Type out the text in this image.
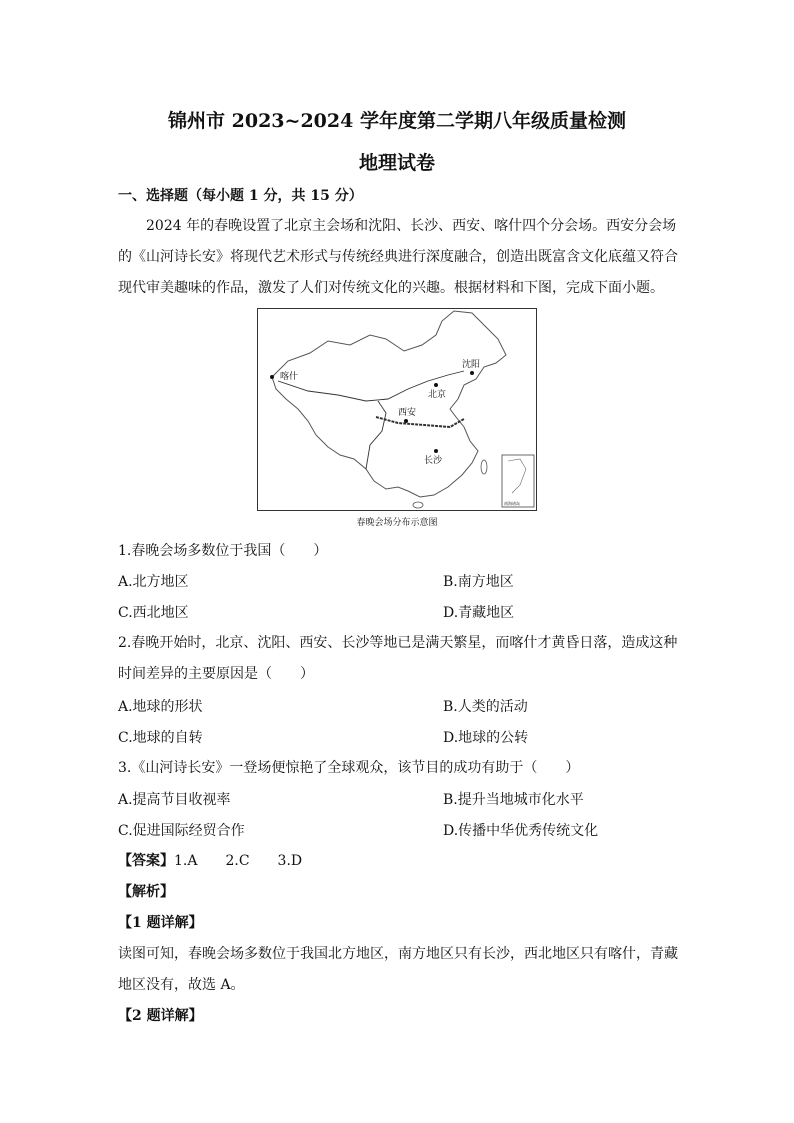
锦州市 2023~2024 学年度第二学期八年级质量检测
地理试卷
一、选择题（每小题 1 分，共 15 分）
2024 年的春晚设置了北京主会场和沈阳、长沙、西安、喀什四个分会场。西安分会场
的《山河诗长安》将现代艺术形式与传统经典进行深度融合，创造出既富含文化底蕴又符合
现代审美趣味的作品，激发了人们对传统文化的兴趣。根据材料和下图，完成下面小题。
南海诸岛
喀什
北京
沈阳
西安
长沙
春晚会场分布示意图
1.春晚会场多数位于我国（　　）
A.北方地区	B.南方地区
C.西北地区	D.青藏地区
2.春晚开始时，北京、沈阳、西安、长沙等地已是满天繁星，而喀什才黄昏日落，造成这种
时间差异的主要原因是（　　）
A.地球的形状	B.人类的活动
C.地球的自转	D.地球的公转
3.《山河诗长安》一登场便惊艳了全球观众，该节目的成功有助于（　　）
A.提高节目收视率	B.提升当地城市化水平
C.促进国际经贸合作	D.传播中华优秀传统文化
【答案】1.A　　2.C　　3.D
【解析】
【1 题详解】
读图可知，春晚会场多数位于我国北方地区，南方地区只有长沙，西北地区只有喀什，青藏
地区没有，故选 A。
【2 题详解】
